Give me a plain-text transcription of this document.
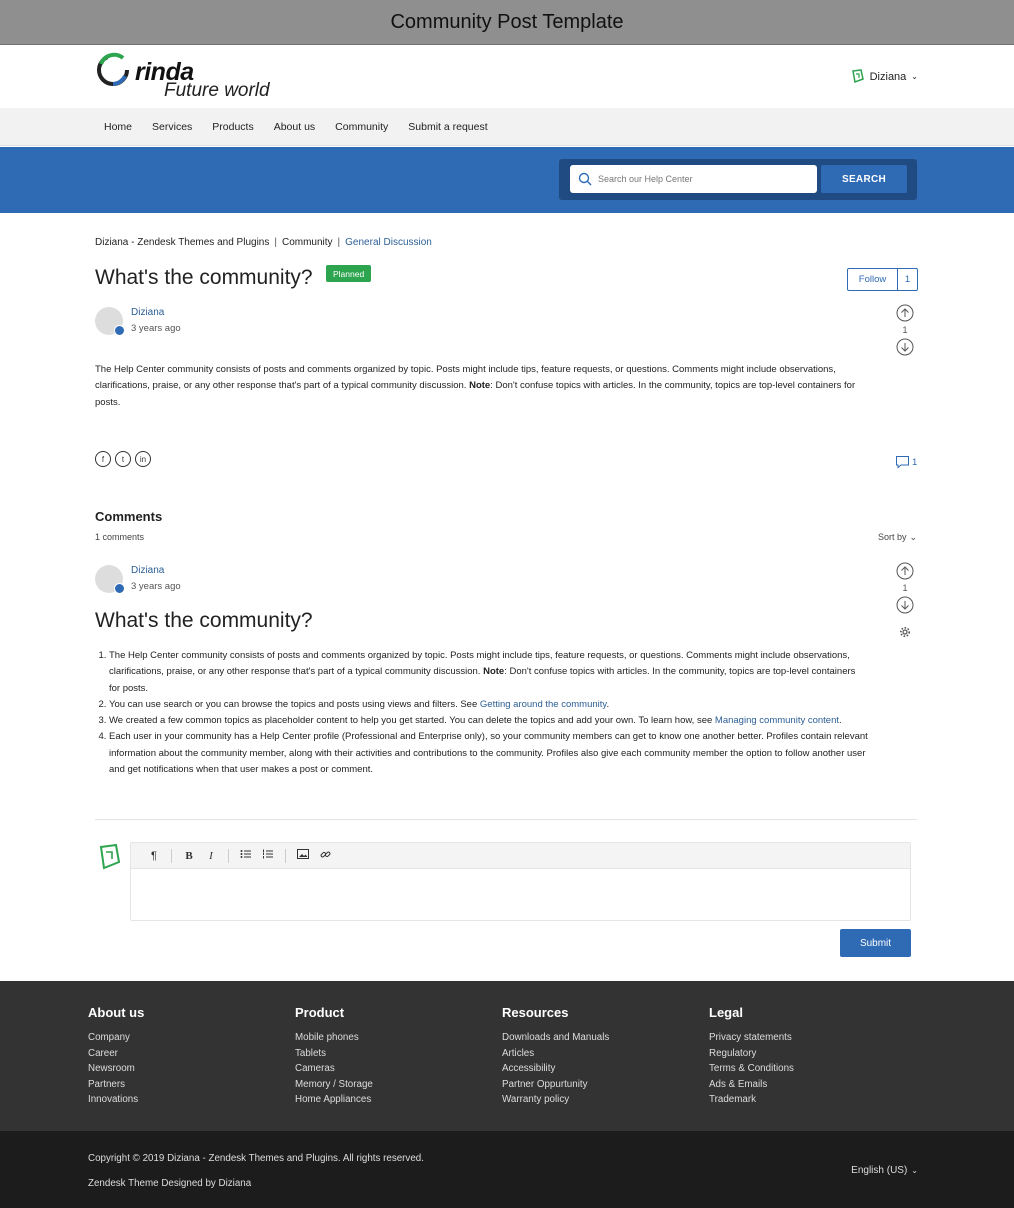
Community Post Template
rinda
Future world
Diziana ⌄
Home Services Products About us Community Submit a request
Search our Help Center	SEARCH
Diziana - Zendesk Themes and Plugins | Community | General Discussion
What's the community?	Planned
Follow	1
Diziana
3 years ago	1

The Help Center community consists of posts and comments organized by topic. Posts might include tips, feature requests, or questions. Comments might include observations, clarifications, praise, or any other response that's part of a typical community discussion. Note: Don't confuse topics with articles. In the community, topics are top-level containers for posts.

f	t	in	1
Comments
1 comments	Sort by ⌄
Diziana
3 years ago	1
What's the community?
1. The Help Center community consists of posts and comments organized by topic. Posts might include tips, feature requests, or questions. Comments might include observations, clarifications, praise, or any other response that's part of a typical community discussion. Note: Don't confuse topics with articles. In the community, topics are top-level containers for posts.
2. You can use search or you can browse the topics and posts using views and filters. See Getting around the community.
3. We created a few common topics as placeholder content to help you get started. You can delete the topics and add your own. To learn how, see Managing community content.
4. Each user in your community has a Help Center profile (Professional and Enterprise only), so your community members can get to know one another better. Profiles contain relevant information about the community member, along with their activities and contributions to the community. Profiles also give each community member the option to follow another user and get notifications when that user makes a post or comment.
¶	B	I
Submit
About us
Company
Career
Newsroom
Partners
Innovations
Product
Mobile phones
Tablets
Cameras
Memory / Storage
Home Appliances
Resources
Downloads and Manuals
Articles
Accessibility
Partner Oppurtunity
Warranty policy
Legal
Privacy statements
Regulatory
Terms & Conditions
Ads & Emails
Trademark
Copyright © 2019 Diziana - Zendesk Themes and Plugins. All rights reserved.
Zendesk Theme Designed by Diziana
English (US) ⌄
